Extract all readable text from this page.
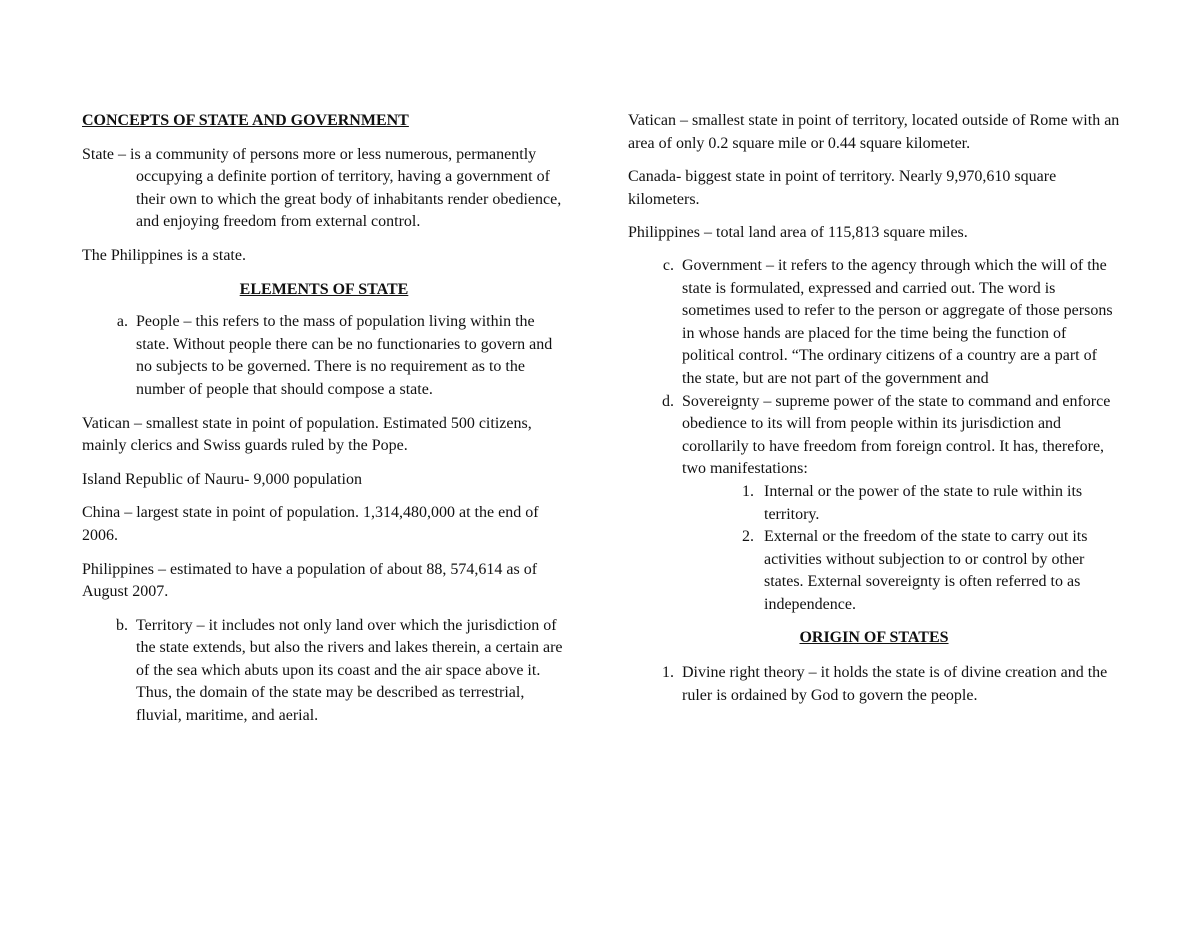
CONCEPTS OF STATE AND GOVERNMENT

State – is a community of persons more or less numerous, permanently occupying a definite portion of territory, having a government of their own to which the great body of inhabitants render obedience, and enjoying freedom from external control.

The Philippines is a state.

ELEMENTS OF STATE
a. People – this refers to the mass of population living within the state. Without people there can be no functionaries to govern and no subjects to be governed. There is no requirement as to the number of people that should compose a state.

Vatican – smallest state in point of population. Estimated 500 citizens, mainly clerics and Swiss guards ruled by the Pope.

Island Republic of Nauru- 9,000 population

China – largest state in point of population. 1,314,480,000 at the end of 2006.

Philippines – estimated to have a population of about 88, 574,614 as of August 2007.

b. Territory – it includes not only land over which the jurisdiction of the state extends, but also the rivers and lakes therein, a certain are of the sea which abuts upon its coast and the air space above it. Thus, the domain of the state may be described as terrestrial, fluvial, maritime, and aerial.

Vatican – smallest state in point of territory, located outside of Rome with an area of only 0.2 square mile or 0.44 square kilometer.

Canada- biggest state in point of territory. Nearly 9,970,610 square kilometers.

Philippines – total land area of 115,813 square miles.

c. Government – it refers to the agency through which the will of the state is formulated, expressed and carried out. The word is sometimes used to refer to the person or aggregate of those persons in whose hands are placed for the time being the function of political control. “The ordinary citizens of a country are a part of the state, but are not part of the government and
d. Sovereignty – supreme power of the state to command and enforce obedience to its will from people within its jurisdiction and corollarily to have freedom from foreign control. It has, therefore, two manifestations:
1. Internal or the power of the state to rule within its territory.
2. External or the freedom of the state to carry out its activities without subjection to or control by other states. External sovereignty is often referred to as independence.
ORIGIN OF STATES
1. Divine right theory – it holds the state is of divine creation and the ruler is ordained by God to govern the people.
